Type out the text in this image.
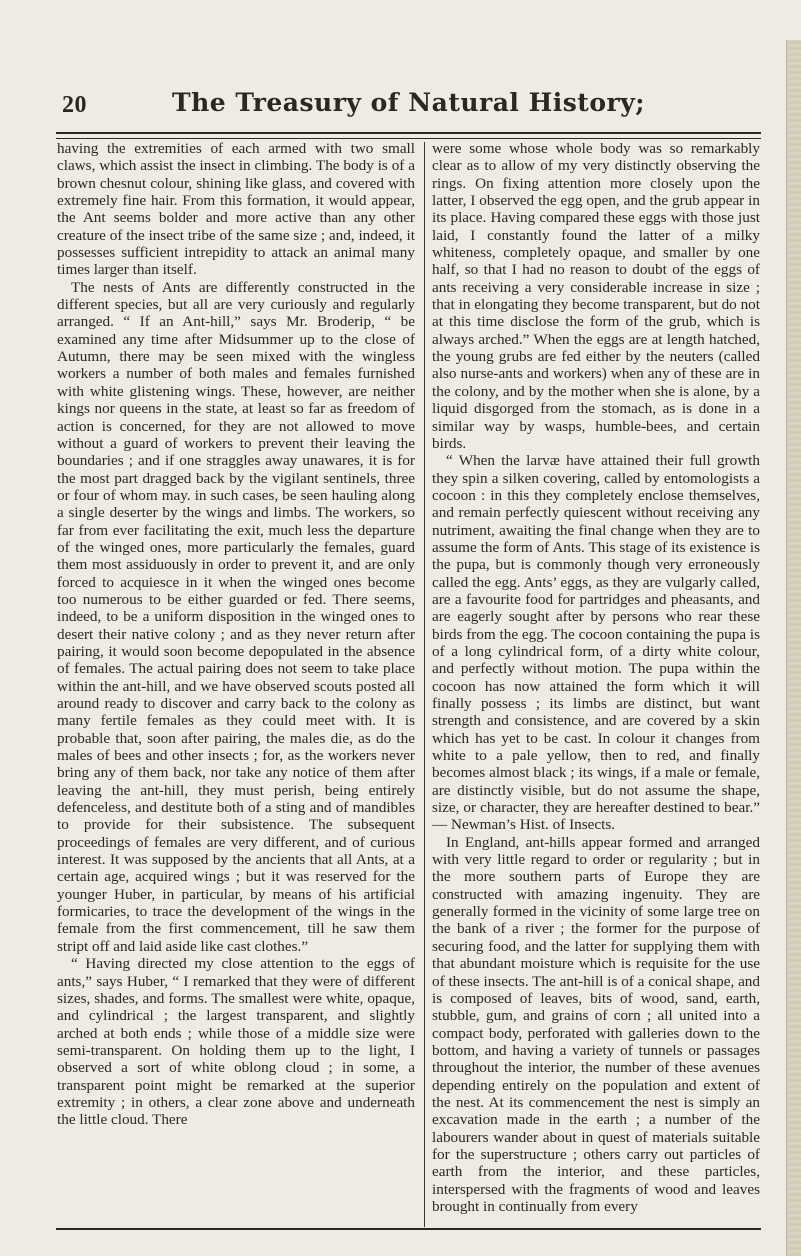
20	The Treasury of Natural History;

having the extremities of each armed with two small claws, which assist the insect in climbing. The body is of a brown chesnut colour, shining like glass, and covered with extremely fine hair. From this formation, it would appear, the Ant seems bolder and more active than any other creature of the insect tribe of the same size ; and, indeed, it possesses sufficient intrepidity to attack an animal many times larger than itself.

The nests of Ants are differently constructed in the different species, but all are very curiously and regularly arranged. “ If an Ant-hill,” says Mr. Broderip, “ be examined any time after Midsummer up to the close of Autumn, there may be seen mixed with the wingless workers a number of both males and females furnished with white glistening wings. These, however, are neither kings nor queens in the state, at least so far as freedom of action is concerned, for they are not allowed to move without a guard of workers to prevent their leaving the boundaries ; and if one straggles away unawares, it is for the most part dragged back by the vigilant sentinels, three or four of whom may. in such cases, be seen hauling along a single deserter by the wings and limbs. The workers, so far from ever facilitating the exit, much less the departure of the winged ones, more particularly the females, guard them most assiduously in order to prevent it, and are only forced to acquiesce in it when the winged ones become too numerous to be either guarded or fed. There seems, indeed, to be a uniform disposition in the winged ones to desert their native colony ; and as they never return after pairing, it would soon become depopulated in the absence of females. The actual pairing does not seem to take place within the ant-hill, and we have observed scouts posted all around ready to discover and carry back to the colony as many fertile females as they could meet with. It is probable that, soon after pairing, the males die, as do the males of bees and other insects ; for, as the workers never bring any of them back, nor take any notice of them after leaving the ant-hill, they must perish, being entirely defenceless, and destitute both of a sting and of mandibles to provide for their subsistence. The subsequent proceedings of females are very different, and of curious interest. It was supposed by the ancients that all Ants, at a certain age, acquired wings ; but it was reserved for the younger Huber, in particular, by means of his artificial formicaries, to trace the development of the wings in the female from the first commencement, till he saw them stript off and laid aside like cast clothes.”

“ Having directed my close attention to the eggs of ants,” says Huber, “ I remarked that they were of different sizes, shades, and forms. The smallest were white, opaque, and cylindrical ; the largest transparent, and slightly arched at both ends ; while those of a middle size were semi-transparent. On holding them up to the light, I observed a sort of white oblong cloud ; in some, a transparent point might be remarked at the superior extremity ; in others, a clear zone above and underneath the little cloud. There

were some whose whole body was so remarkably clear as to allow of my very distinctly observing the rings. On fixing attention more closely upon the latter, I observed the egg open, and the grub appear in its place. Having compared these eggs with those just laid, I constantly found the latter of a milky whiteness, completely opaque, and smaller by one half, so that I had no reason to doubt of the eggs of ants receiving a very considerable increase in size ; that in elongating they become transparent, but do not at this time disclose the form of the grub, which is always arched.” When the eggs are at length hatched, the young grubs are fed either by the neuters (called also nurse-ants and workers) when any of these are in the colony, and by the mother when she is alone, by a liquid disgorged from the stomach, as is done in a similar way by wasps, humble-bees, and certain birds.

“ When the larvæ have attained their full growth they spin a silken covering, called by entomologists a cocoon : in this they completely enclose themselves, and remain perfectly quiescent without receiving any nutriment, awaiting the final change when they are to assume the form of Ants. This stage of its existence is the pupa, but is commonly though very erroneously called the egg. Ants’ eggs, as they are vulgarly called, are a favourite food for partridges and pheasants, and are eagerly sought after by persons who rear these birds from the egg. The cocoon containing the pupa is of a long cylindrical form, of a dirty white colour, and perfectly without motion. The pupa within the cocoon has now attained the form which it will finally possess ; its limbs are distinct, but want strength and consistence, and are covered by a skin which has yet to be cast. In colour it changes from white to a pale yellow, then to red, and finally becomes almost black ; its wings, if a male or female, are distinctly visible, but do not assume the shape, size, or character, they are hereafter destined to bear.” — Newman’s Hist. of Insects.

In England, ant-hills appear formed and arranged with very little regard to order or regularity ; but in the more southern parts of Europe they are constructed with amazing ingenuity. They are generally formed in the vicinity of some large tree on the bank of a river ; the former for the purpose of securing food, and the latter for supplying them with that abundant moisture which is requisite for the use of these insects. The ant-hill is of a conical shape, and is composed of leaves, bits of wood, sand, earth, stubble, gum, and grains of corn ; all united into a compact body, perforated with galleries down to the bottom, and having a variety of tunnels or passages throughout the interior, the number of these avenues depending entirely on the population and extent of the nest. At its commencement the nest is simply an excavation made in the earth ; a number of the labourers wander about in quest of materials suitable for the superstructure ; others carry out particles of earth from the interior, and these particles, interspersed with the fragments of wood and leaves brought in continually from every
